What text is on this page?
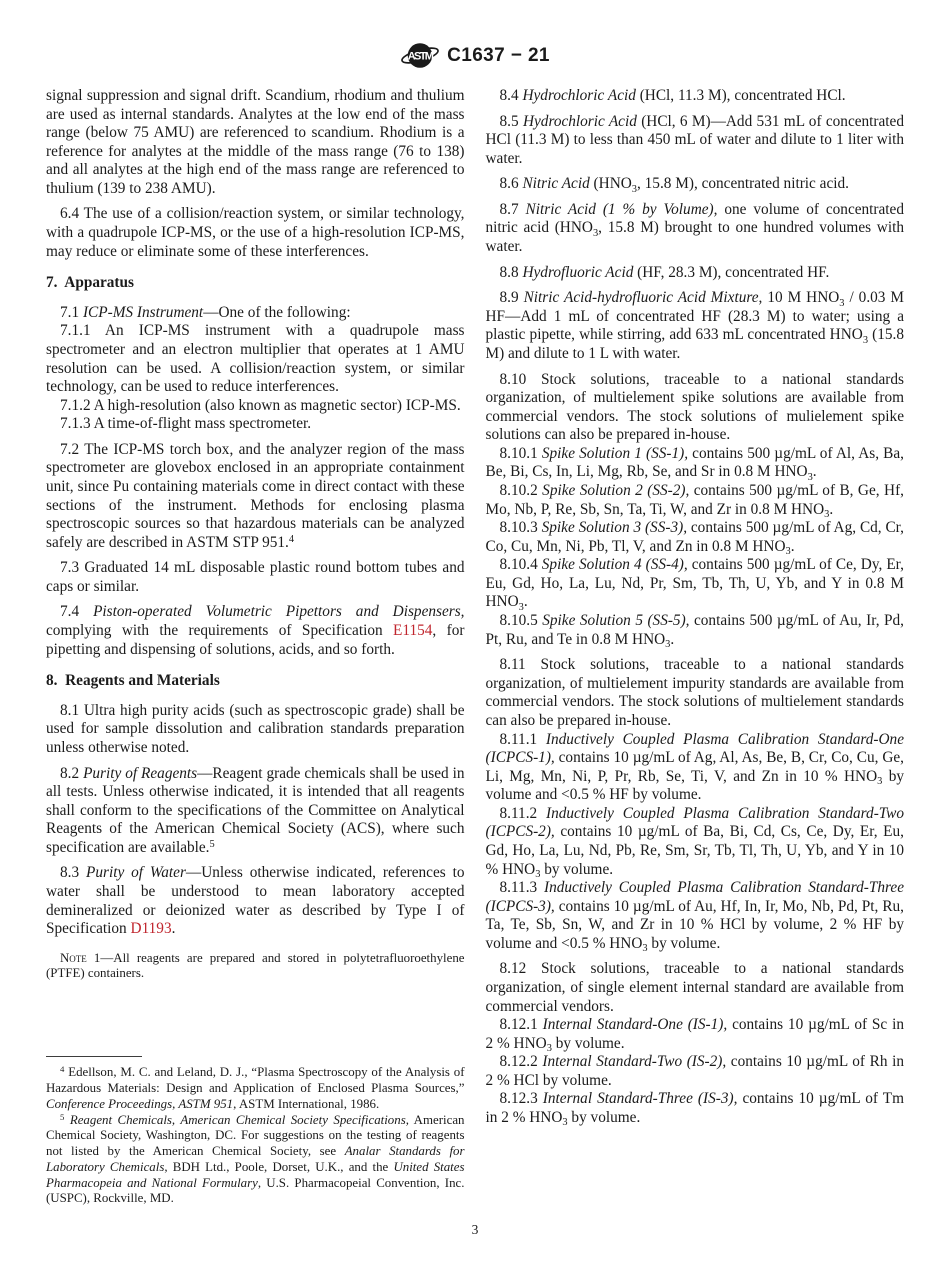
ASTM C1637 − 21

signal suppression and signal drift. Scandium, rhodium and thulium are used as internal standards. Analytes at the low end of the mass range (below 75 AMU) are referenced to scandium. Rhodium is a reference for analytes at the middle of the mass range (76 to 138) and all analytes at the high end of the mass range are referenced to thulium (139 to 238 AMU).

6.4 The use of a collision/reaction system, or similar technology, with a quadrupole ICP-MS, or the use of a high-resolution ICP-MS, may reduce or eliminate some of these interferences.

7.  Apparatus

7.1 ICP-MS Instrument—One of the following:

7.1.1 An ICP-MS instrument with a quadrupole mass spectrometer and an electron multiplier that operates at 1 AMU resolution can be used. A collision/reaction system, or similar technology, can be used to reduce interferences.

7.1.2 A high-resolution (also known as magnetic sector) ICP-MS.

7.1.3 A time-of-flight mass spectrometer.

7.2 The ICP-MS torch box, and the analyzer region of the mass spectrometer are glovebox enclosed in an appropriate containment unit, since Pu containing materials come in direct contact with these sections of the instrument. Methods for enclosing plasma spectroscopic sources so that hazardous materials can be analyzed safely are described in ASTM STP 951.$^4$

7.3 Graduated 14 mL disposable plastic round bottom tubes and caps or similar.

7.4 Piston-operated Volumetric Pipettors and Dispensers, complying with the requirements of Specification E1154, for pipetting and dispensing of solutions, acids, and so forth.

8.  Reagents and Materials

8.1 Ultra high purity acids (such as spectroscopic grade) shall be used for sample dissolution and calibration standards preparation unless otherwise noted.

8.2 Purity of Reagents—Reagent grade chemicals shall be used in all tests. Unless otherwise indicated, it is intended that all reagents shall conform to the specifications of the Committee on Analytical Reagents of the American Chemical Society (ACS), where such specification are available.$^5$

8.3 Purity of Water—Unless otherwise indicated, references to water shall be understood to mean laboratory accepted demineralized or deionized water as described by Type I of Specification D1193.

Note 1—All reagents are prepared and stored in polytetrafluoroethylene (PTFE) containers.

$^4$ Edellson, M. C. and Leland, D. J., “Plasma Spectroscopy of the Analysis of Hazardous Materials: Design and Application of Enclosed Plasma Sources,” Conference Proceedings, ASTM 951, ASTM International, 1986.

$^5$ Reagent Chemicals, American Chemical Society Specifications, American Chemical Society, Washington, DC. For suggestions on the testing of reagents not listed by the American Chemical Society, see Analar Standards for Laboratory Chemicals, BDH Ltd., Poole, Dorset, U.K., and the United States Pharmacopeia and National Formulary, U.S. Pharmacopeial Convention, Inc. (USPC), Rockville, MD.

8.4 Hydrochloric Acid (HCl, 11.3 M), concentrated HCl.

8.5 Hydrochloric Acid (HCl, 6 M)—Add 531 mL of concentrated HCl (11.3 M) to less than 450 mL of water and dilute to 1 liter with water.

8.6 Nitric Acid ($HNO_3$, 15.8 M), concentrated nitric acid.

8.7 Nitric Acid (1 % by Volume), one volume of concentrated nitric acid ($HNO_3$, 15.8 M) brought to one hundred volumes with water.

8.8 Hydrofluoric Acid (HF, 28.3 M), concentrated HF.

8.9 Nitric Acid-hydrofluoric Acid Mixture, 10 M $HNO_3 / 0.03$ M HF—Add 1 mL of concentrated HF (28.3 M) to water; using a plastic pipette, while stirring, add 633 mL concentrated $HNO_3$ (15.8 M) and dilute to 1 L with water.

8.10 Stock solutions, traceable to a national standards organization, of multielement spike solutions are available from commercial vendors. The stock solutions of mulielement spike solutions can also be prepared in-house.

8.10.1 Spike Solution 1 (SS-1), contains 500 µg/mL of Al, As, Ba, Be, Bi, Cs, In, Li, Mg, Rb, Se, and Sr in 0.8 M $HNO_3$.

8.10.2 Spike Solution 2 (SS-2), contains 500 µg/mL of B, Ge, Hf, Mo, Nb, P, Re, Sb, Sn, Ta, Ti, W, and Zr in 0.8 M $HNO_3$.

8.10.3 Spike Solution 3 (SS-3), contains 500 µg/mL of Ag, Cd, Cr, Co, Cu, Mn, Ni, Pb, Tl, V, and Zn in 0.8 M $HNO_3$.

8.10.4 Spike Solution 4 (SS-4), contains 500 µg/mL of Ce, Dy, Er, Eu, Gd, Ho, La, Lu, Nd, Pr, Sm, Tb, Th, U, Yb, and Y in 0.8 M $HNO_3$.

8.10.5 Spike Solution 5 (SS-5), contains 500 µg/mL of Au, Ir, Pd, Pt, Ru, and Te in 0.8 M $HNO_3$.

8.11 Stock solutions, traceable to a national standards organization, of multielement impurity standards are available from commercial vendors. The stock solutions of multielement standards can also be prepared in-house.

8.11.1 Inductively Coupled Plasma Calibration Standard-One (ICPCS-1), contains 10 µg/mL of Ag, Al, As, Be, B, Cr, Co, Cu, Ge, Li, Mg, Mn, Ni, P, Pr, Rb, Se, Ti, V, and Zn in 10 % $HNO_3$ by volume and <0.5 % HF by volume.

8.11.2 Inductively Coupled Plasma Calibration Standard-Two (ICPCS-2), contains 10 µg/mL of Ba, Bi, Cd, Cs, Ce, Dy, Er, Eu, Gd, Ho, La, Lu, Nd, Pb, Re, Sm, Sr, Tb, Tl, Th, U, Yb, and Y in 10 % $HNO_3$ by volume.

8.11.3 Inductively Coupled Plasma Calibration Standard-Three (ICPCS-3), contains 10 µg/mL of Au, Hf, In, Ir, Mo, Nb, Pd, Pt, Ru, Ta, Te, Sb, Sn, W, and Zr in 10 % HCl by volume, 2 % HF by volume and <0.5 % $HNO_3$ by volume.

8.12 Stock solutions, traceable to a national standards organization, of single element internal standard are available from commercial vendors.

8.12.1 Internal Standard-One (IS-1), contains 10 µg/mL of Sc in 2 % $HNO_3$ by volume.

8.12.2 Internal Standard-Two (IS-2), contains 10 µg/mL of Rh in 2 % HCl by volume.

8.12.3 Internal Standard-Three (IS-3), contains 10 µg/mL of Tm in 2 % $HNO_3$ by volume.

3
